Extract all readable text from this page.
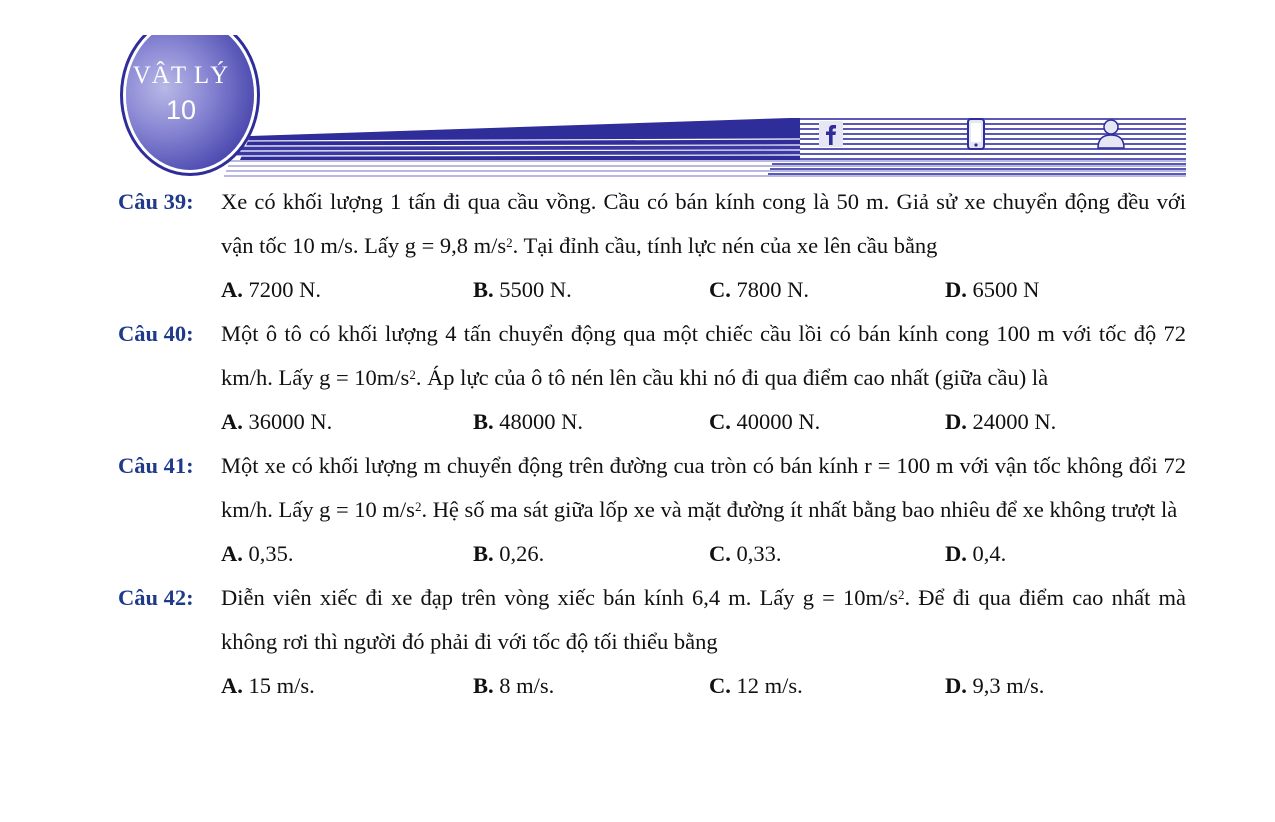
VÂT LÝ
10
Câu 39: Xe có khối lượng 1 tấn đi qua cầu vồng. Cầu có bán kính cong là 50 m. Giả sử xe chuyển động đều với vận tốc 10 m/s. Lấy g = 9,8 $m/s^2$. Tại đỉnh cầu, tính lực nén của xe lên cầu bằng
A. 7200 N.	B. 5500 N.	C. 7800 N.	D. 6500 N
Câu 40: Một ô tô có khối lượng 4 tấn chuyển động qua một chiếc cầu lồi có bán kính cong 100 m với tốc độ 72 km/h. Lấy $g = 10m/s^2$. Áp lực của ô tô nén lên cầu khi nó đi qua điểm cao nhất (giữa cầu) là
A. 36000 N.	B. 48000 N.	C. 40000 N.	D. 24000 N.
Câu 41: Một xe có khối lượng m chuyển động trên đường cua tròn có bán kính r = 100 m với vận tốc không đổi 72 km/h. Lấy g = 10 $m/s^2$. Hệ số ma sát giữa lốp xe và mặt đường ít nhất bằng bao nhiêu để xe không trượt là
A. 0,35.	B. 0,26.	C. 0,33.	D. 0,4.
Câu 42: Diễn viên xiếc đi xe đạp trên vòng xiếc bán kính 6,4 m. Lấy $g = 10m/s^2$. Để đi qua điểm cao nhất mà không rơi thì người đó phải đi với tốc độ tối thiểu bằng
A. 15 m/s.	B. 8 m/s.	C. 12 m/s.	D. 9,3 m/s.
